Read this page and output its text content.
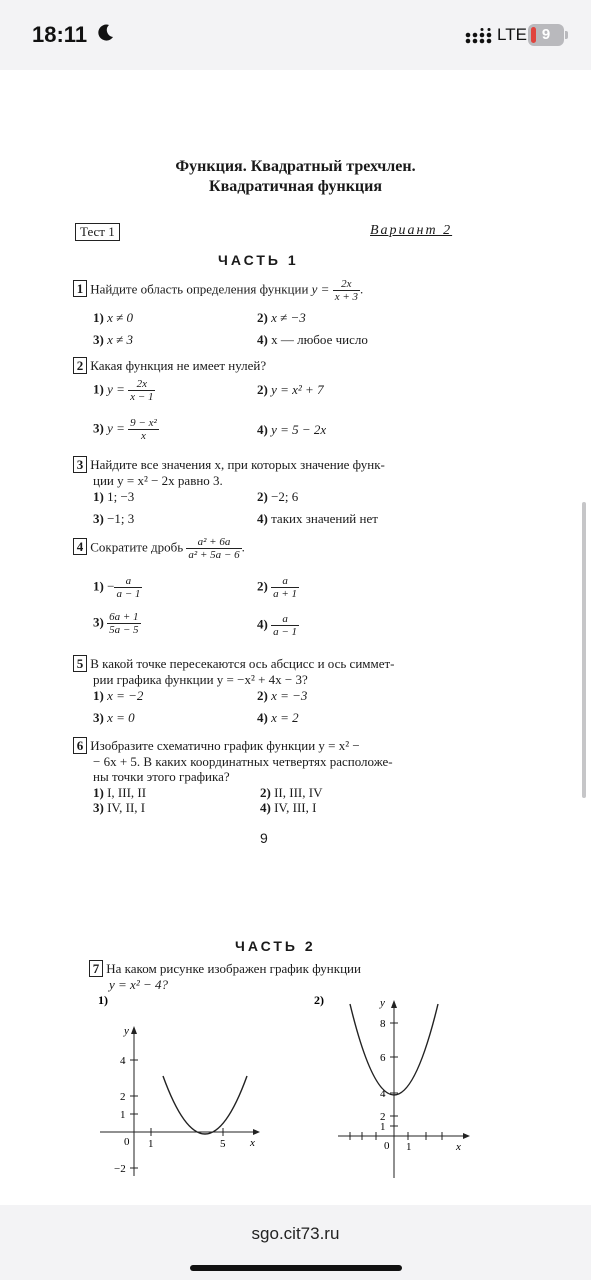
18:11	LTE 9
Функция. Квадратный трехчлен.
Квадратичная функция
Тест 1	Вариант 2
ЧАСТЬ 1
1 Найдите область определения функции $y = \frac{2x}{x + 3}$ .
1) x ≠ 0	2) x ≠ −3
3) x ≠ 3	4) x — любое число
2 Какая функция не имеет нулей?
1) $y = \frac{2x}{x - 1}$	2) y = x² + 7
3) $y = \frac{\text{9 − x²}}{x}$	4) y = 5 − 2x
3 Найдите все значения x, при которых значение функ-
ции y = x² − 2x равно 3.
1) 1; −3	2) −2; 6
3) −1; 3	4) таких значений нет
4 Сократите дробь $\frac{\text{a² + 6a}}{\text{a² + 5a − 6}}$ .
$1) - \frac{a}{a - 1}$	$2) \frac{a}{a + 1}$
$3) \frac{6a + 1}{5a - 5}$	$4) \frac{a}{a - 1}$
5 В какой точке пересекаются ось абсцисс и ось симмет-
рии графика функции y = −x² + 4x − 3?
1) x = −2	2) x = −3
3) x = 0	4) x = 2
6 Изобразите схематично график функции y = x² −
− 6x + 5. В каких координатных четвертях расположе-
ны точки этого графика?
1) I, III, II	2) II, III, IV
3) IV, II, I	4) IV, III, I
9
ЧАСТЬ 2
7 На каком рисунке изображен график функции
y = x² − 4?
1)
y
x
4
2
1
0
−2
1	5
2)	y
x
8
6
4
2
1
0 1
sgo.cit73.ru
